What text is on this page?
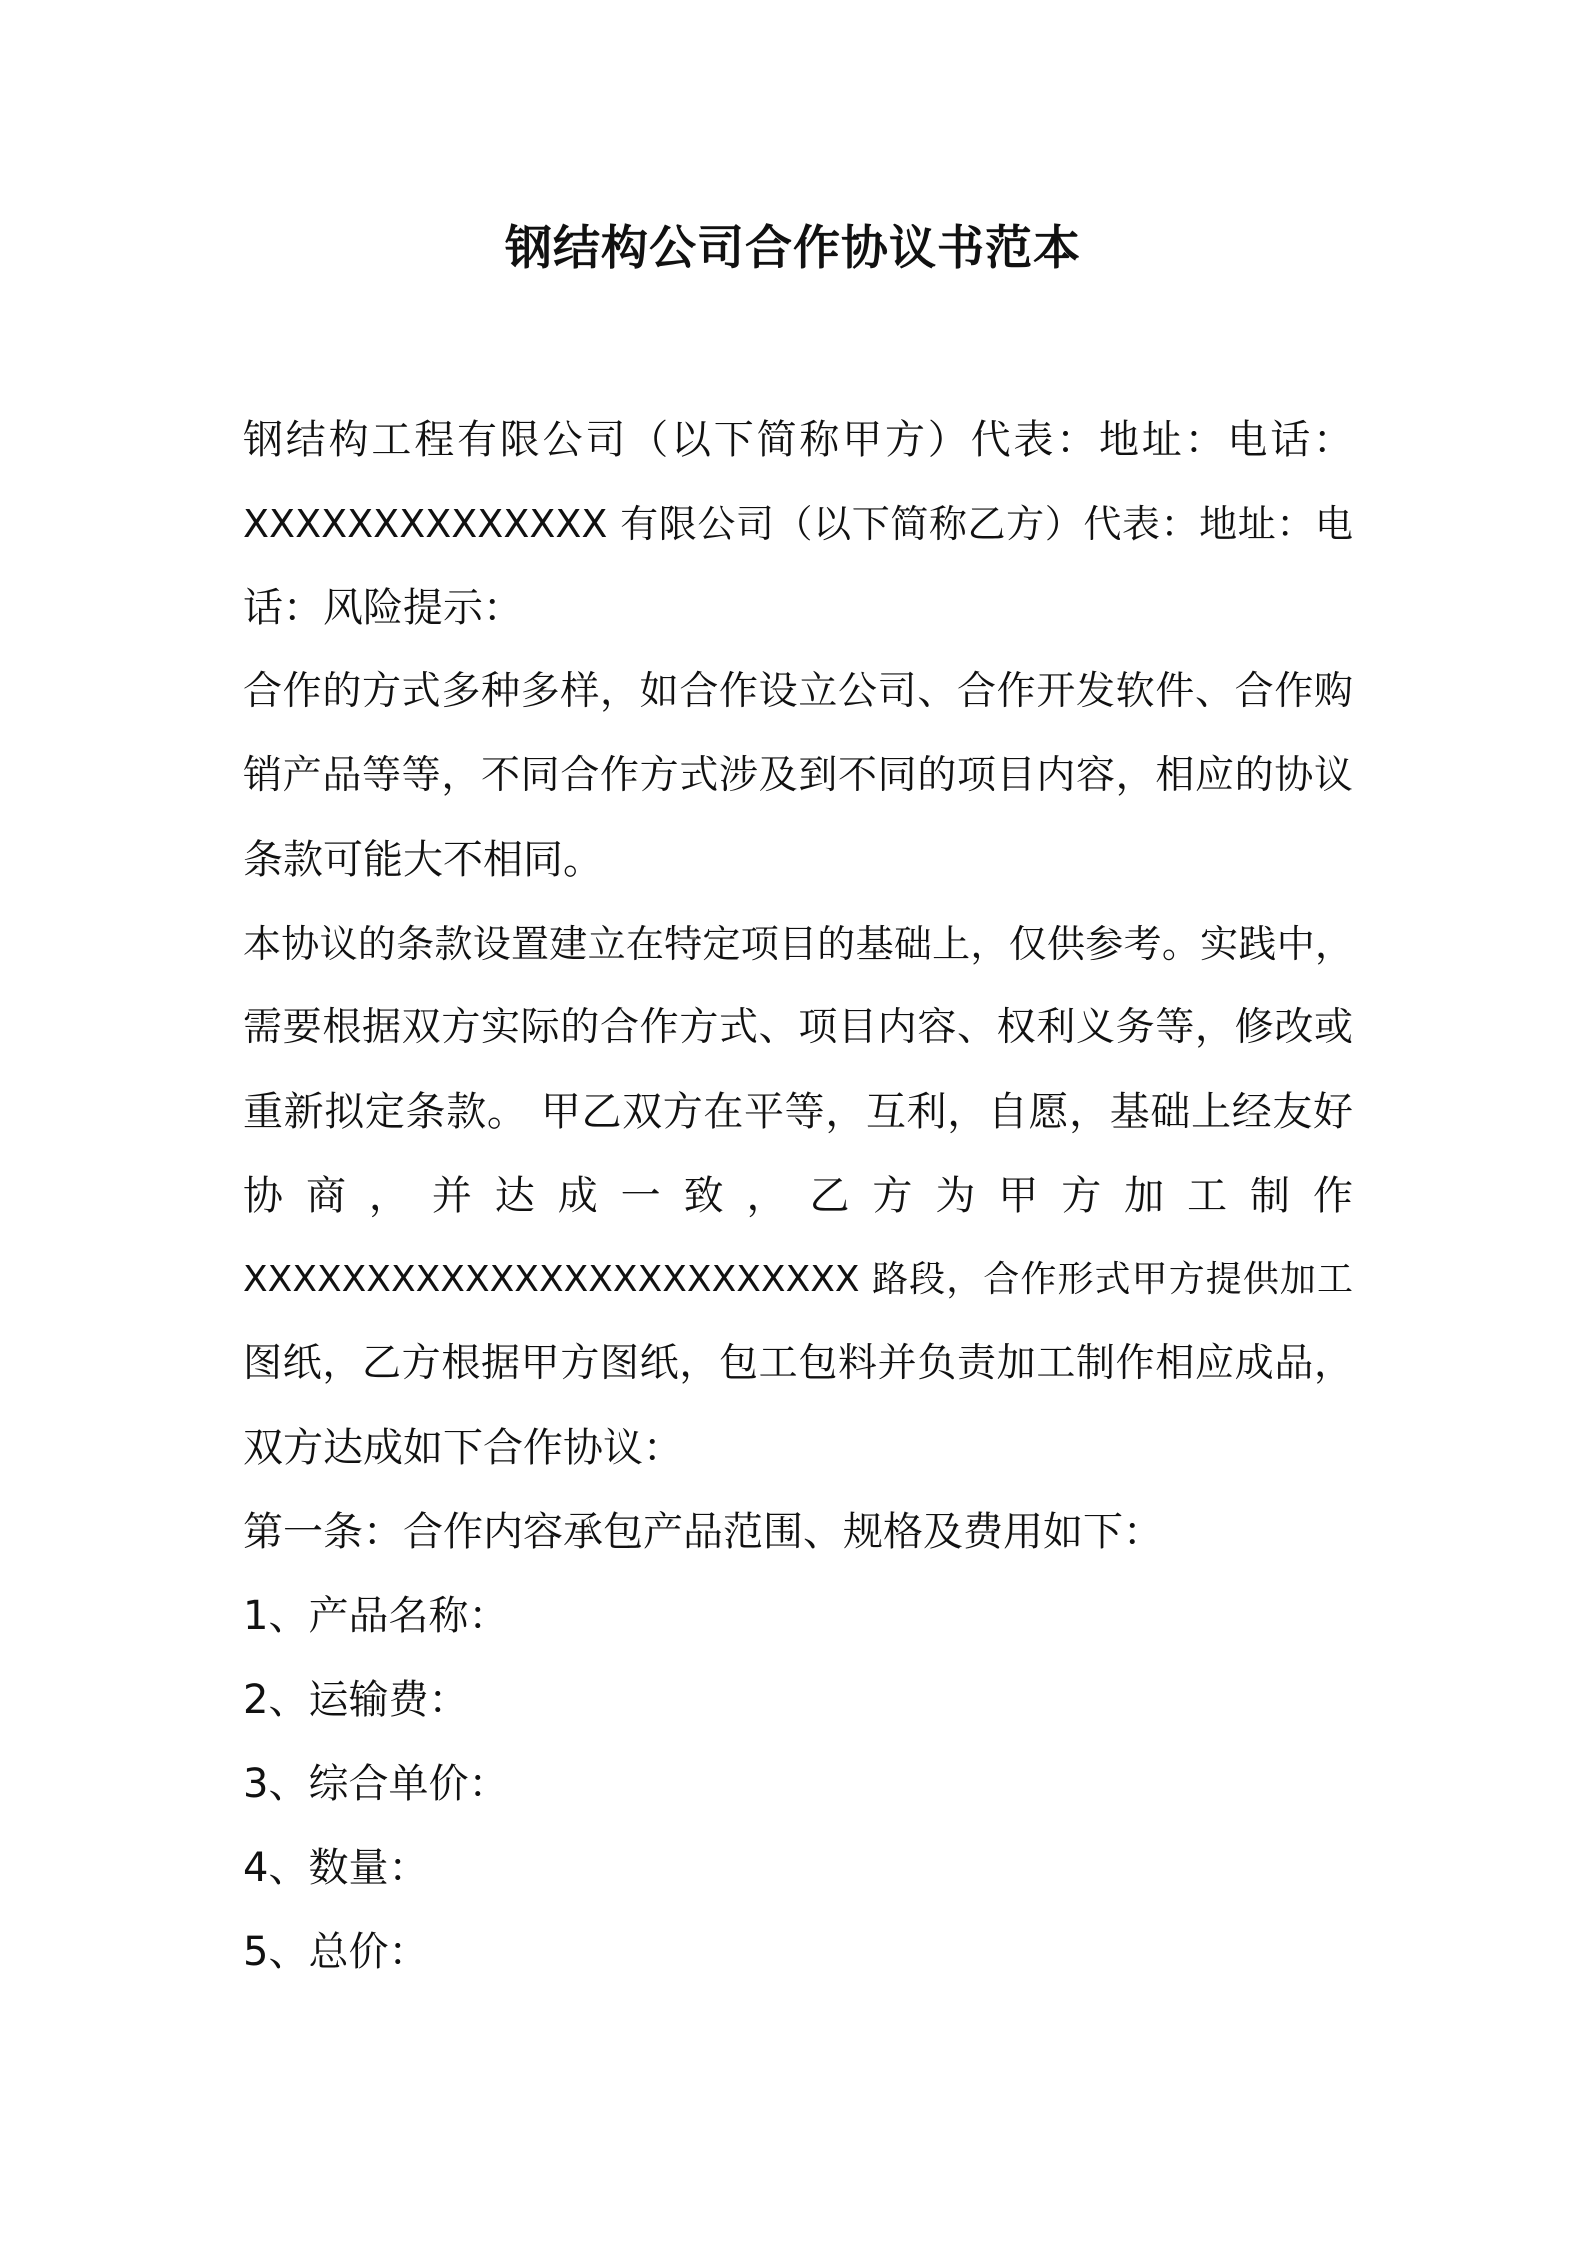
钢结构公司合作协议书范本
钢结构工程有限公司（以下简称甲方）代表：地址：电话：
XXXXXXXXXXXXXX 有限公司（以下简称乙方）代表：地址：电
话：风险提示：
合作的方式多种多样，如合作设立公司、合作开发软件、合作购
销产品等等，不同合作方式涉及到不同的项目内容，相应的协议
条款可能大不相同。
本协议的条款设置建立在特定项目的基础上，仅供参考。实践中，
需要根据双方实际的合作方式、项目内容、权利义务等，修改或
重新拟定条款。 甲乙双方在平等，互利，自愿，基础上经友好
协 商 ， 并 达 成 一 致 ， 乙 方 为 甲 方 加 工 制 作
XXXXXXXXXXXXXXXXXXXXXXXXX 路段，合作形式甲方提供加工
图纸，乙方根据甲方图纸，包工包料并负责加工制作相应成品，
双方达成如下合作协议：
第一条：合作内容承包产品范围、规格及费用如下：
1、产品名称：
2、运输费：
3、综合单价：
4、数量：
5、总价：
